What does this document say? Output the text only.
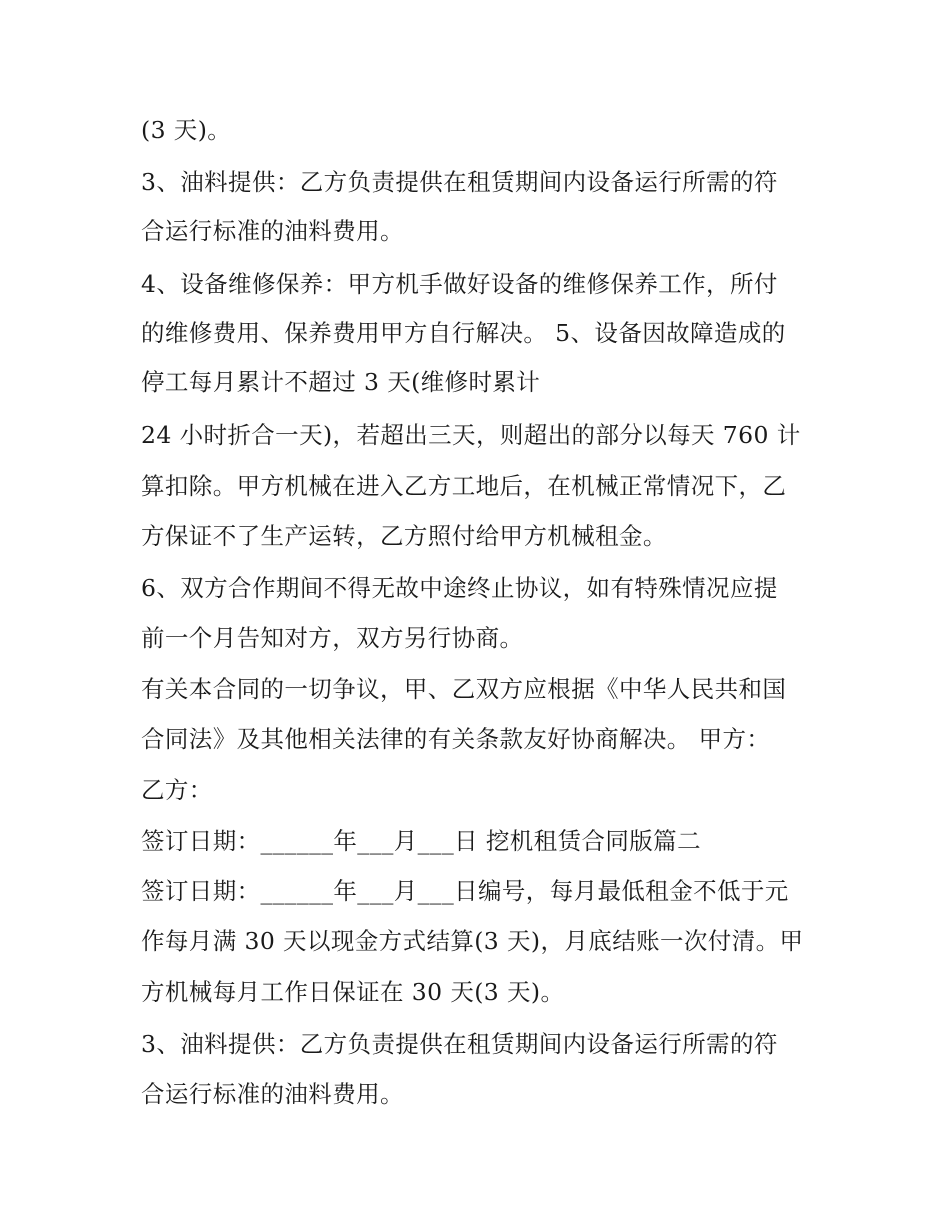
(3 天)。

3、油料提供：乙方负责提供在租赁期间内设备运行所需的符

合运行标准的油料费用。

4、设备维修保养：甲方机手做好设备的维修保养工作，所付

的维修费用、保养费用甲方自行解决。 5、设备因故障造成的

停工每月累计不超过 3 天(维修时累计

24 小时折合一天)，若超出三天，则超出的部分以每天 760 计

算扣除。甲方机械在进入乙方工地后，在机械正常情况下，乙

方保证不了生产运转，乙方照付给甲方机械租金。

6、双方合作期间不得无故中途终止协议，如有特殊情况应提

前一个月告知对方，双方另行协商。

有关本合同的一切争议，甲、乙双方应根据《中华人民共和国

合同法》及其他相关法律的有关条款友好协商解决。 甲方：

乙方：

签订日期：______年___月___日 挖机租赁合同版篇二

签订日期：______年___月___日编号，每月最低租金不低于元

作每月满 30 天以现金方式结算(3 天)，月底结账一次付清。甲

方机械每月工作日保证在 30 天(3 天)。

3、油料提供：乙方负责提供在租赁期间内设备运行所需的符

合运行标准的油料费用。
